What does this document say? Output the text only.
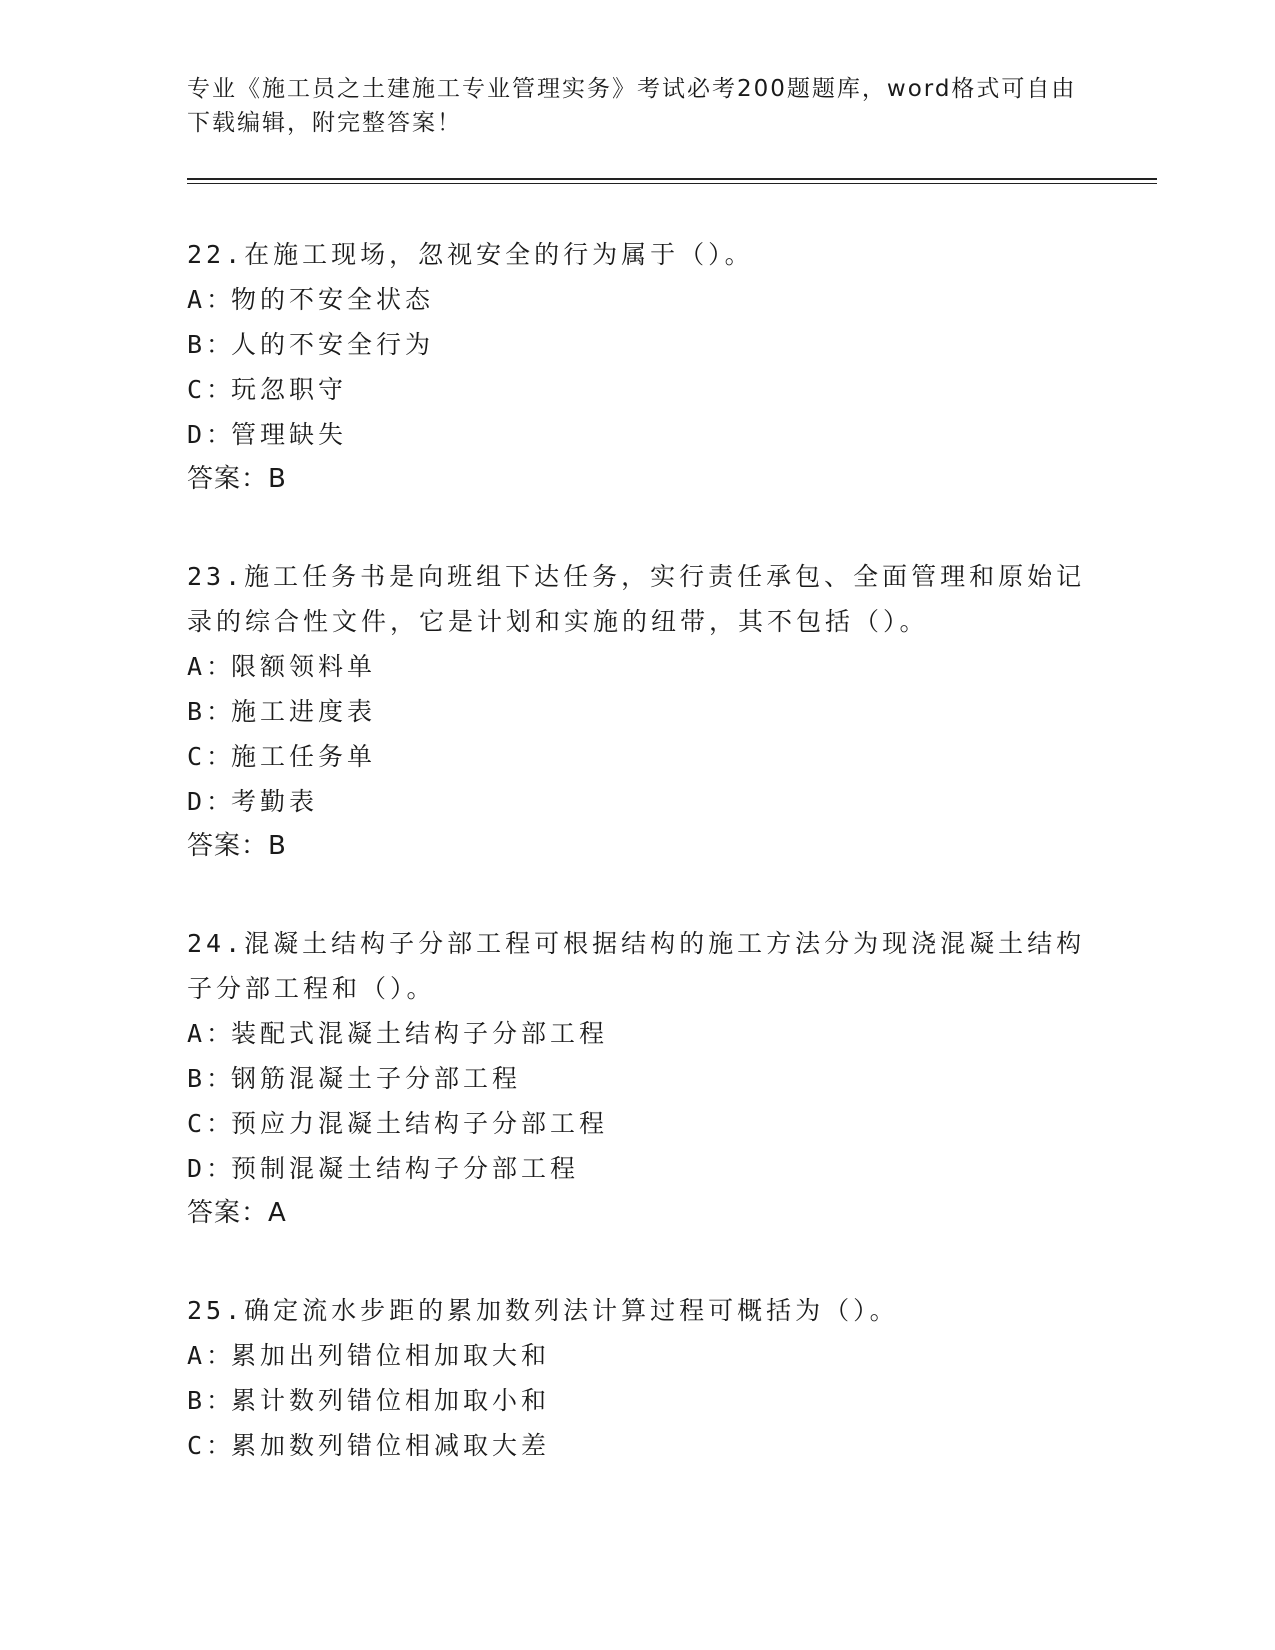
专业《施工员之土建施工专业管理实务》考试必考200题题库，word格式可自由
下载编辑，附完整答案！
22.在施工现场，忽视安全的行为属于（）。
A：物的不安全状态
B：人的不安全行为
C：玩忽职守
D：管理缺失
答案：B
23.施工任务书是向班组下达任务，实行责任承包、全面管理和原始记
录的综合性文件，它是计划和实施的纽带，其不包括（）。
A：限额领料单
B：施工进度表
C：施工任务单
D：考勤表
答案：B
24.混凝土结构子分部工程可根据结构的施工方法分为现浇混凝土结构
子分部工程和（）。
A：装配式混凝土结构子分部工程
B：钢筋混凝土子分部工程
C：预应力混凝土结构子分部工程
D：预制混凝土结构子分部工程
答案：A
25.确定流水步距的累加数列法计算过程可概括为（）。
A：累加出列错位相加取大和
B：累计数列错位相加取小和
C：累加数列错位相减取大差
